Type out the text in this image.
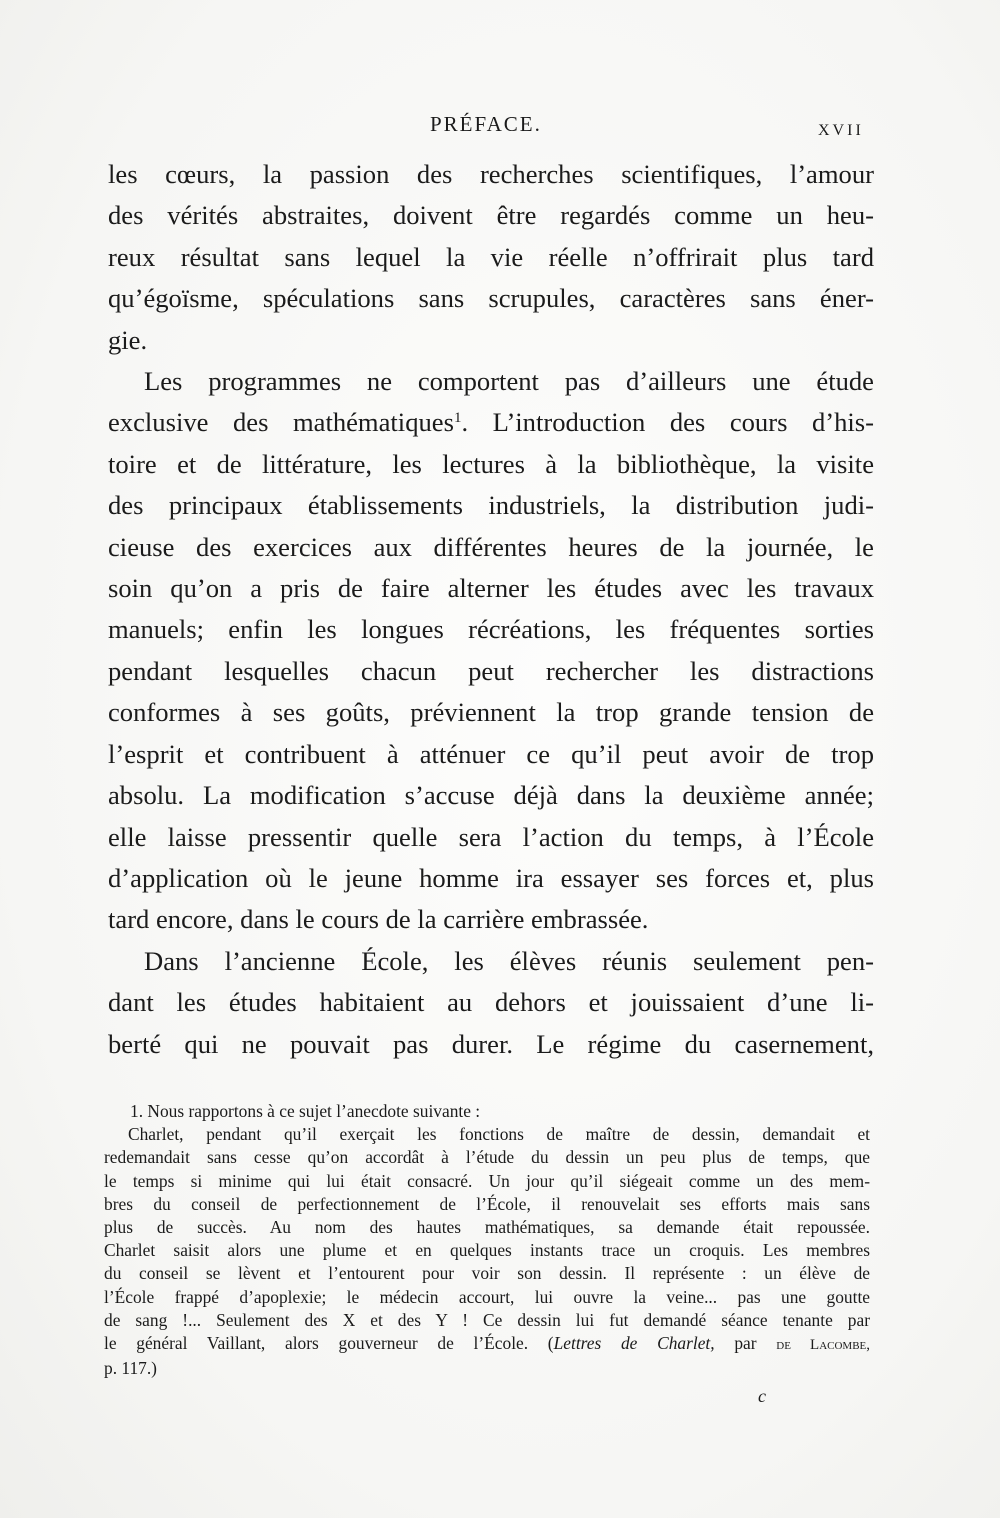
PRÉFACE.	XVII

les cœurs, la passion des recherches scientifiques, l’amour
des vérités abstraites, doivent être regardés comme un heu-
reux résultat sans lequel la vie réelle n’offrirait plus tard
qu’égoïsme, spéculations sans scrupules, caractères sans éner-
gie.

Les programmes ne comportent pas d’ailleurs une étude
exclusive des mathématiques$^1$. L’introduction des cours d’his-
toire et de littérature, les lectures à la bibliothèque, la visite
des principaux établissements industriels, la distribution judi-
cieuse des exercices aux différentes heures de la journée, le
soin qu’on a pris de faire alterner les études avec les travaux
manuels; enfin les longues récréations, les fréquentes sorties
pendant lesquelles chacun peut rechercher les distractions
conformes à ses goûts, préviennent la trop grande tension de
l’esprit et contribuent à atténuer ce qu’il peut avoir de trop
absolu. La modification s’accuse déjà dans la deuxième année;
elle laisse pressentir quelle sera l’action du temps, à l’École
d’application où le jeune homme ira essayer ses forces et, plus
tard encore, dans le cours de la carrière embrassée.

Dans l’ancienne École, les élèves réunis seulement pen-
dant les études habitaient au dehors et jouissaient d’une li-
berté qui ne pouvait pas durer. Le régime du casernement,

1. Nous rapportons à ce sujet l’anecdote suivante :
Charlet, pendant qu’il exerçait les fonctions de maître de dessin, demandait et
redemandait sans cesse qu’on accordât à l’étude du dessin un peu plus de temps, que
le temps si minime qui lui était consacré. Un jour qu’il siégeait comme un des mem-
bres du conseil de perfectionnement de l’École, il renouvelait ses efforts mais sans
plus de succès. Au nom des hautes mathématiques, sa demande était repoussée.
Charlet saisit alors une plume et en quelques instants trace un croquis. Les membres
du conseil se lèvent et l’entourent pour voir son dessin. Il représente : un élève de
l’École frappé d’apoplexie; le médecin accourt, lui ouvre la veine... pas une goutte
de sang !... Seulement des X et des Y ! Ce dessin lui fut demandé séance tenante par
le général Vaillant, alors gouverneur de l’École. (Lettres de Charlet, par de Lacombe,
p. 117.)
c
